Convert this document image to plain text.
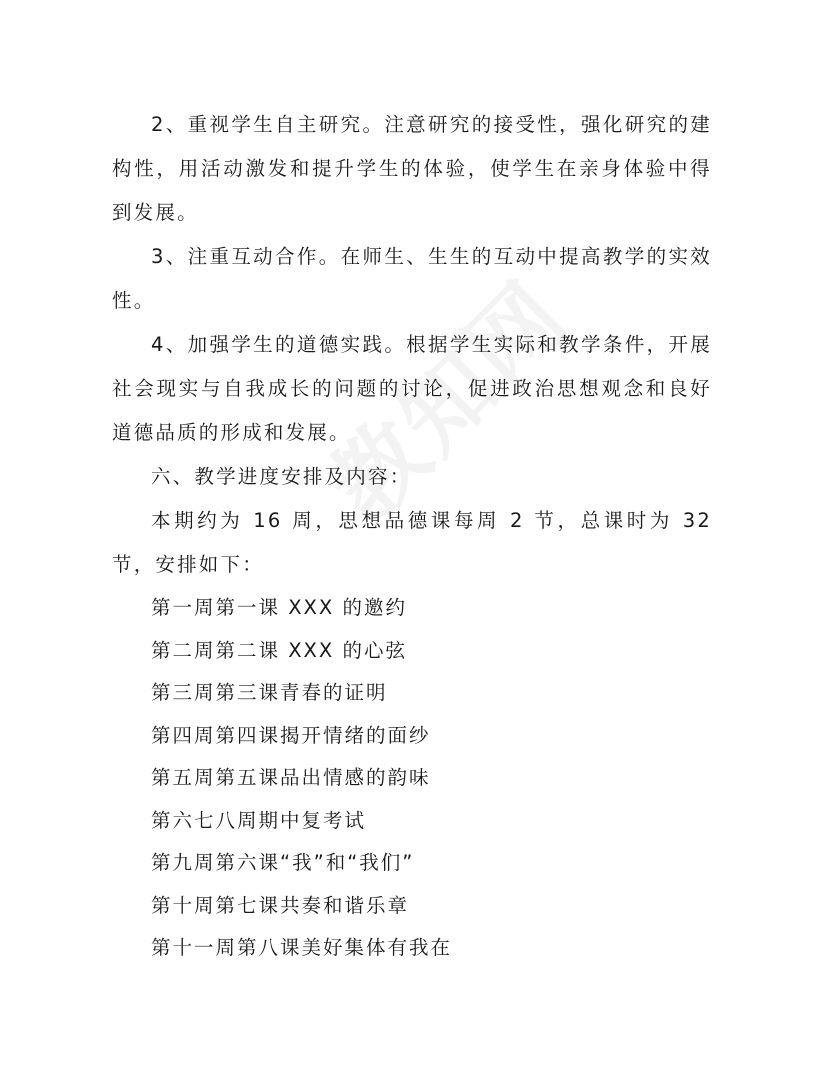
2、重视学生自主研究。注意研究的接受性，强化研究的建构性，用活动激发和提升学生的体验，使学生在亲身体验中得到发展。

3、注重互动合作。在师生、生生的互动中提高教学的实效性。

4、加强学生的道德实践。根据学生实际和教学条件，开展社会现实与自我成长的问题的讨论，促进政治思想观念和良好道德品质的形成和发展。

六、教学进度安排及内容：

本期约为 16 周，思想品德课每周 2 节，总课时为 32 节，安排如下：

第一周第一课 XXX 的邀约

第二周第二课 XXX 的心弦

第三周第三课青春的证明

第四周第四课揭开情绪的面纱

第五周第五课品出情感的韵味

第六七八周期中复考试

第九周第六课“我”和“我们”

第十周第七课共奏和谐乐章

第十一周第八课美好集体有我在
